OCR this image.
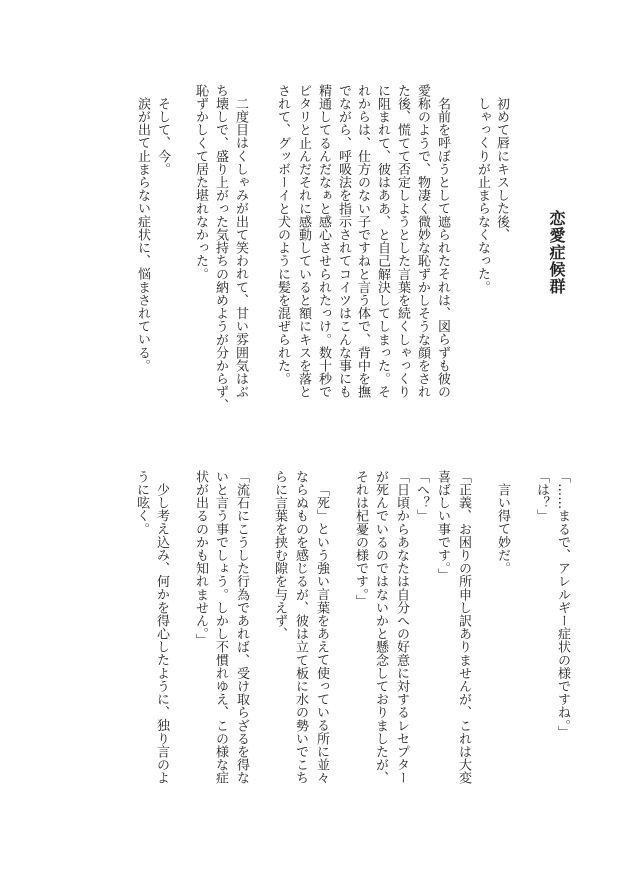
恋愛症候群
初めて唇にキスした後、
しゃっくりが止まらなくなった。
名前を呼ぼうとして遮られたそれは、図らずも彼の
愛称のようで、物凄く微妙な恥ずかしそうな顔をされ
た後、慌てて否定しようとした言葉を続くしゃっくり
に阻まれて、彼はああ、と自己解決してしまった。そ
れからは、仕方のない子ですねと言う体で、背中を撫
でながら、呼吸法を指示されてコイツはこんな事にも
精通してるんだなぁと感心させられたっけ。数十秒で
ピタリと止んだそれに感動していると額にキスを落と
されて、グッボーイと犬のように髪を混ぜられた。
二度目はくしゃみが出て笑われて、甘い雰囲気はぶ
ち壊しで、盛り上がった気持ちの納めようが分からず、
恥ずかしくて居た堪れなかった。
そして、今。
涙が出て止まらない症状に、悩まされている。
「……まるで、アレルギー症状の様ですね。」
「は？」
言い得て妙だ。
「正義、お困りの所申し訳ありませんが、これは大変
喜ばしい事です。」
「へ？」
「日頃からあなたは自分への好意に対するレセプター
が死んでいるのではないかと懸念しておりましたが、
それは杞憂の様です。」
「死」という強い言葉をあえて使っている所に並々
ならぬものを感じるが、彼は立て板に水の勢いでこち
らに言葉を挟む隙を与えず、
「流石にこうした行為であれば、受け取らざるを得な
いと言う事でしょう。しかし不慣れゆえ、この様な症
状が出るのかも知れません。」
少し考え込み、何かを得心したように、独り言のよ
うに呟く。
